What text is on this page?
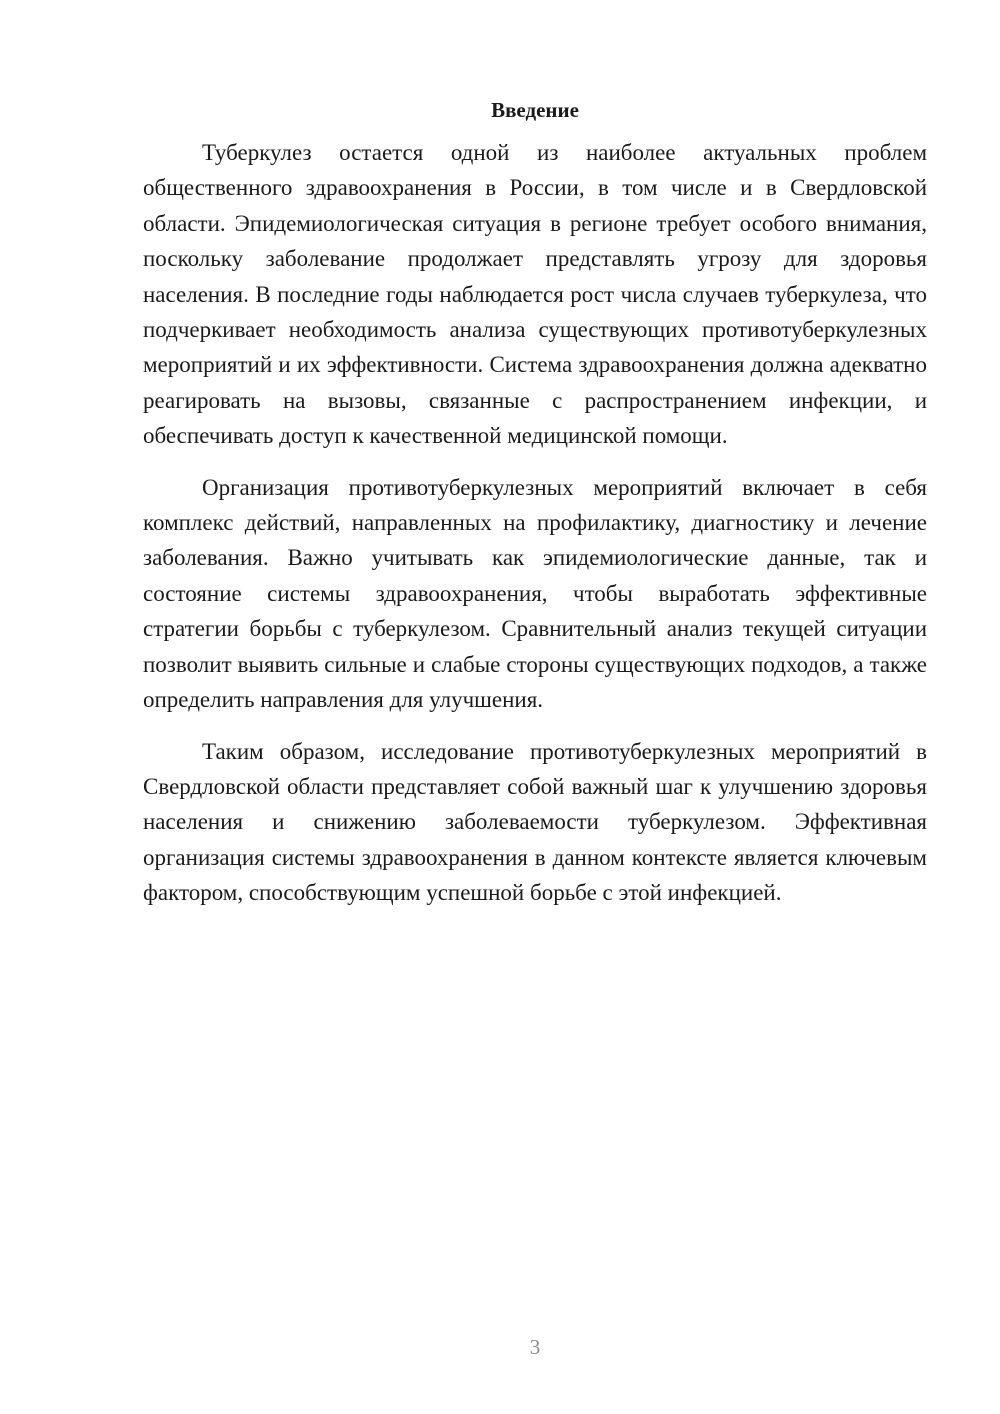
Введение

Туберкулез остается одной из наиболее актуальных проблем общественного здравоохранения в России, в том числе и в Свердловской области. Эпидемиологическая ситуация в регионе требует особого внимания, поскольку заболевание продолжает представлять угрозу для здоровья населения. В последние годы наблюдается рост числа случаев туберкулеза, что подчеркивает необходимость анализа существующих противотуберкулезных мероприятий и их эффективности. Система здравоохранения должна адекватно реагировать на вызовы, связанные с распространением инфекции, и обеспечивать доступ к качественной медицинской помощи.

Организация противотуберкулезных мероприятий включает в себя комплекс действий, направленных на профилактику, диагностику и лечение заболевания. Важно учитывать как эпидемиологические данные, так и состояние системы здравоохранения, чтобы выработать эффективные стратегии борьбы с туберкулезом. Сравнительный анализ текущей ситуации позволит выявить сильные и слабые стороны существующих подходов, а также определить направления для улучшения.

Таким образом, исследование противотуберкулезных мероприятий в Свердловской области представляет собой важный шаг к улучшению здоровья населения и снижению заболеваемости туберкулезом. Эффективная организация системы здравоохранения в данном контексте является ключевым фактором, способствующим успешной борьбе с этой инфекцией.

3
